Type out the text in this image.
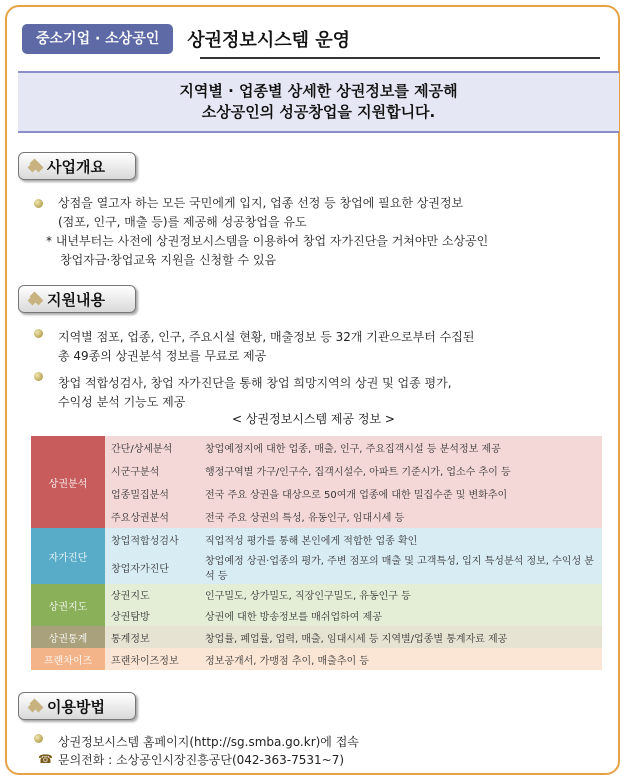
중소기업 · 소상공인	상권정보시스템 운영
지역별 · 업종별 상세한 상권정보를 제공해
소상공인의 성공창업을 지원합니다.
사업개요
상점을 열고자 하는 모든 국민에게 입지, 업종 선정 등 창업에 필요한 상권정보
(점포, 인구, 매출 등)를 제공해 성공창업을 유도
* 내년부터는 사전에 상권정보시스템을 이용하여 창업 자가진단을 거쳐야만 소상공인
창업자금·창업교육 지원을 신청할 수 있음
지원내용
지역별 점포, 업종, 인구, 주요시설 현황, 매출정보 등 32개 기관으로부터 수집된
총 49종의 상권분석 정보를 무료로 제공
창업 적합성검사, 창업 자가진단을 통해 창업 희망지역의 상권 및 업종 평가,
수익성 분석 기능도 제공
< 상권정보시스템 제공 정보 >
상권분석	간단/상세분석	창업예정지에 대한 업종, 매출, 인구, 주요집객시설 등 분석정보 제공
	시군구분석	행정구역별 가구/인구수, 집객시설수, 아파트 기준시가, 업소수 추이 등
	업종밀집분석	전국 주요 상권을 대상으로 50여개 업종에 대한 밀집수준 및 변화추이
	주요상권분석	전국 주요 상권의 특성, 유동인구, 임대시세 등
자가진단	창업적합성검사	직업적성 평가를 통해 본인에게 적합한 업종 확인
	창업자가진단	창업예정 상권·업종의 평가, 주변 점포의 매출 및 고객특성, 입지 특성분석 정보, 수익성 분석 등
상권지도	상권지도	인구밀도, 상가밀도, 직장인구밀도, 유동인구 등
	상권탐방	상권에 대한 방송정보를 매쉬업하여 제공
상권통계	통계정보	창업률, 폐업률, 업력, 매출, 임대시세 등 지역별/업종별 통계자료 제공
프랜차이즈	프랜차이즈정보	정보공개서, 가맹점 추이, 매출추이 등
이용방법
상권정보시스템 홈페이지(http://sg.smba.go.kr)에 접속
☎ 문의전화 : 소상공인시장진흥공단(042-363-7531~7)
